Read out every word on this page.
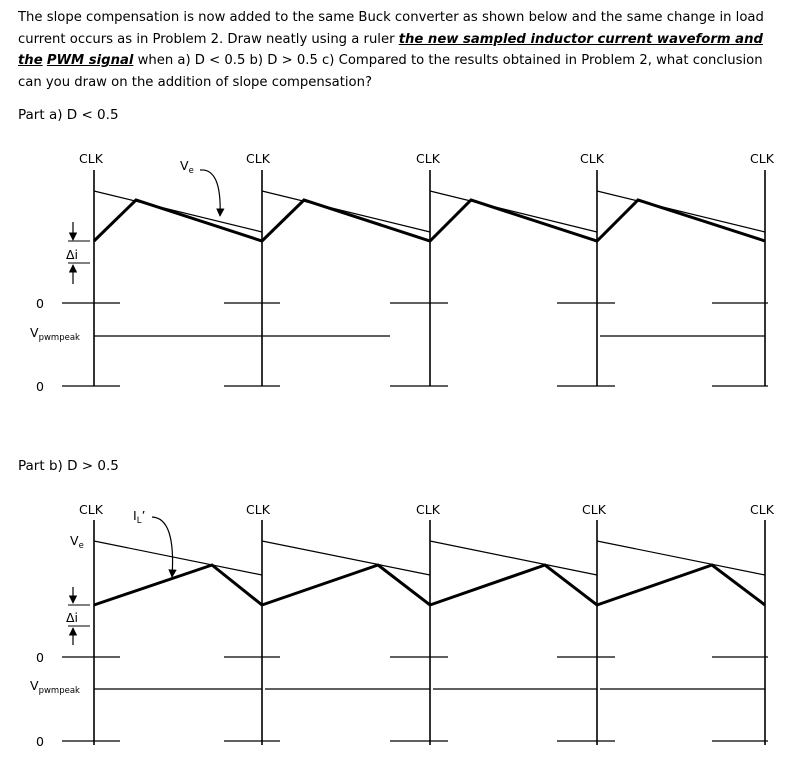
The slope compensation is now added to the same Buck converter as shown below and the same change in load current occurs as in Problem 2. Draw neatly using a ruler the new sampled inductor current waveform and the PWM signal when a) D < 0.5 b) D > 0.5 c) Compared to the results obtained in Problem 2, what conclusion can you draw on the addition of slope compensation?

Part a) D < 0.5

Part b) D > 0.5

CLK	CLK	CLK	CLK	CLK
$V_e$
Δi
0
$V_{pwmpeak}$
0
CLK	CLK	CLK	CLK	CLK
$V_e$
$I_L$’
Δi
0
$V_{pwmpeak}$
0
